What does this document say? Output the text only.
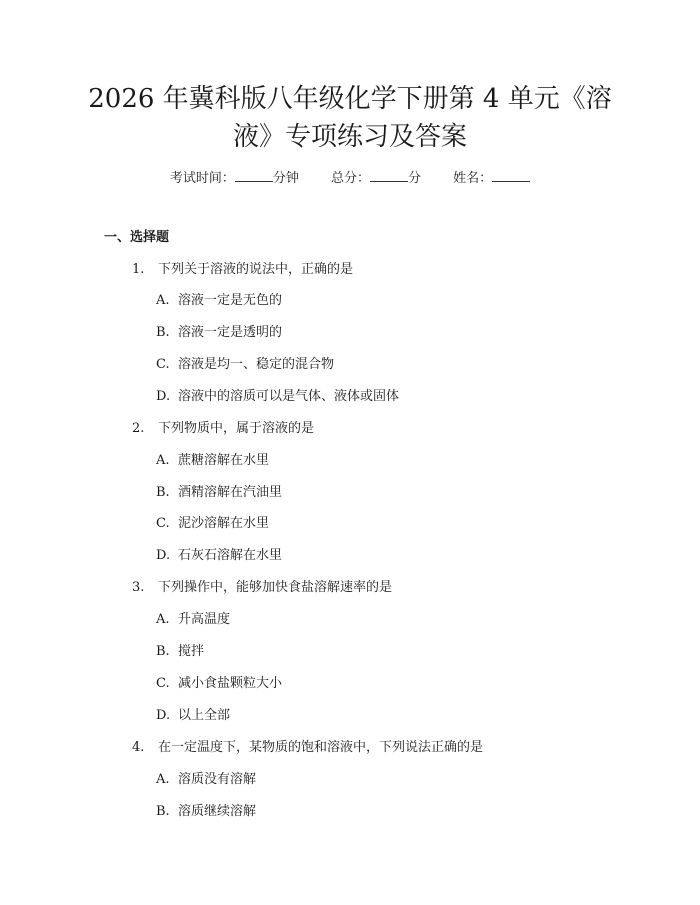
2026 年冀科版八年级化学下册第 4 单元《溶
液》专项练习及答案
考试时间：	分钟 总分：	分 姓名：
一、选择题
1. 下列关于溶液的说法中，正确的是
A. 溶液一定是无色的
B. 溶液一定是透明的
C. 溶液是均一、稳定的混合物
D. 溶液中的溶质可以是气体、液体或固体
2. 下列物质中，属于溶液的是
A. 蔗糖溶解在水里
B. 酒精溶解在汽油里
C. 泥沙溶解在水里
D. 石灰石溶解在水里
3. 下列操作中，能够加快食盐溶解速率的是
A. 升高温度
B. 搅拌
C. 减小食盐颗粒大小
D. 以上全部
4. 在一定温度下，某物质的饱和溶液中，下列说法正确的是
A. 溶质没有溶解
B. 溶质继续溶解
